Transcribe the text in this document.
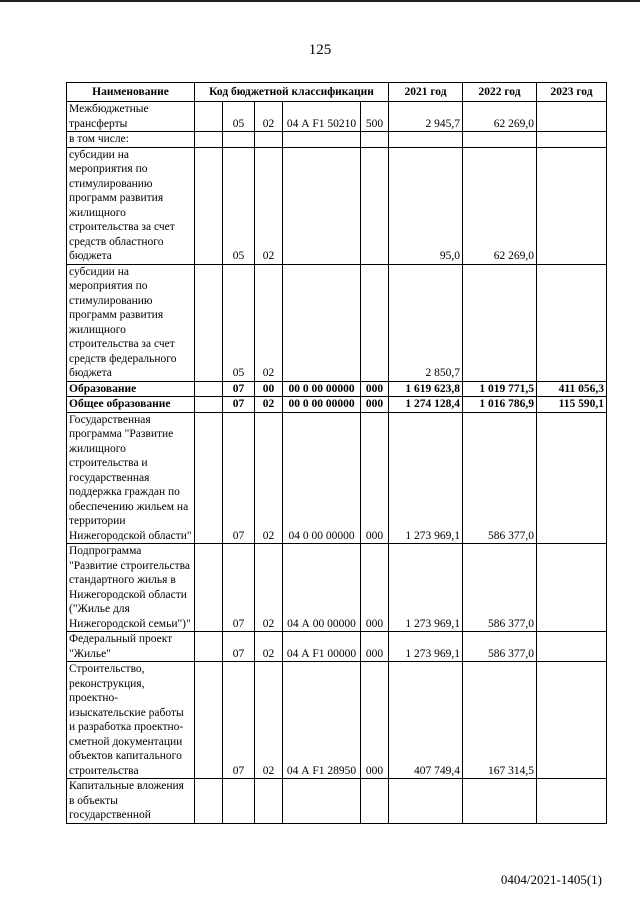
125
Наименование	Код бюджетной классификации					2021 год	2022 год	2023 год
Межбюджетные трансферты		05	02	04 А F1 50210	500	2 945,7	62 269,0	
в том числе:								
субсидии на мероприятия по стимулированию программ развития жилищного строительства за счет средств областного бюджета		05	02			95,0	62 269,0	
субсидии на мероприятия по стимулированию программ развития жилищного строительства за счет средств федерального бюджета		05	02			2 850,7		
Образование		07	00	00 0 00 00000	000	1 619 623,8	1 019 771,5	411 056,3
Общее образование		07	02	00 0 00 00000	000	1 274 128,4	1 016 786,9	115 590,1
Государственная программа "Развитие жилищного строительства и государственная поддержка граждан по обеспечению жильем на территории Нижегородской области"		07	02	04 0 00 00000	000	1 273 969,1	586 377,0	
Подпрограмма "Развитие строительства стандартного жилья в Нижегородской области ("Жилье для Нижегородской семьи")"		07	02	04 А 00 00000	000	1 273 969,1	586 377,0	
Федеральный проект "Жилье"		07	02	04 А F1 00000	000	1 273 969,1	586 377,0	
Строительство, реконструкция, проектно-изыскательские работы и разработка проектно-сметной документации объектов капитального строительства		07	02	04 А F1 28950	000	407 749,4	167 314,5	
Капитальные вложения в объекты государственной								
0404/2021-1405(1)
